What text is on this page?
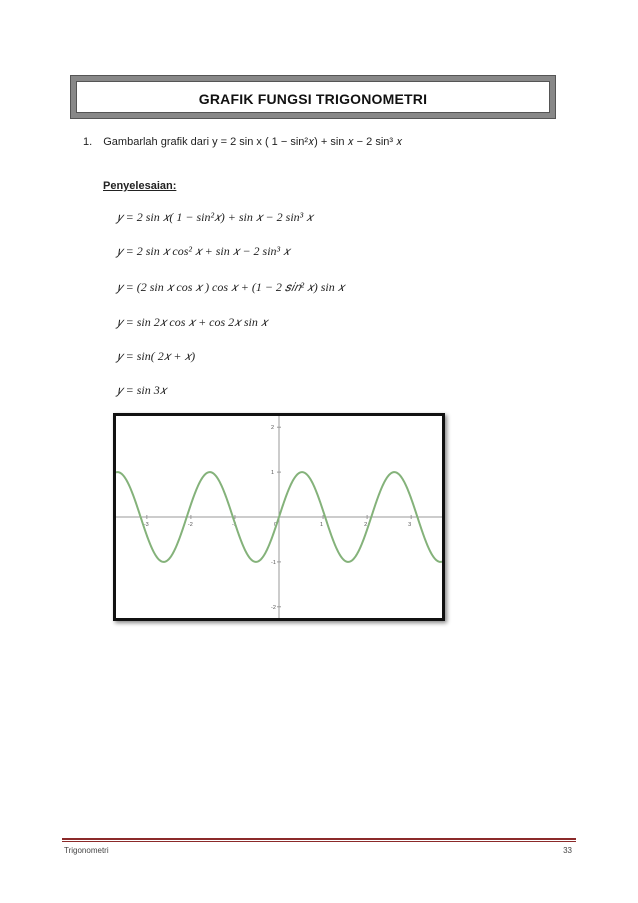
GRAFIK FUNGSI TRIGONOMETRI
1. Gambarlah grafik dari y = 2 sin x ( 1 − sin²𝑥) + sin 𝑥 − 2 sin³ 𝑥
Penyelesaian:
𝑦 = 2 sin 𝑥( 1 − sin²𝑥) + sin 𝑥 − 2 sin³ 𝑥
𝑦 = 2 sin 𝑥 cos² 𝑥 + sin 𝑥 − 2 sin³ 𝑥
𝑦 = (2 sin 𝑥 cos 𝑥 ) cos 𝑥 + (1 − 2 𝑠𝑖𝑛² 𝑥) sin 𝑥
𝑦 = sin 2𝑥 cos 𝑥 + cos 2𝑥 sin 𝑥
𝑦 = sin( 2𝑥 + 𝑥)
𝑦 = sin 3𝑥
-3	-2	-1	0	1	2	3
2
1
-1
-2
Trigonometri	33
